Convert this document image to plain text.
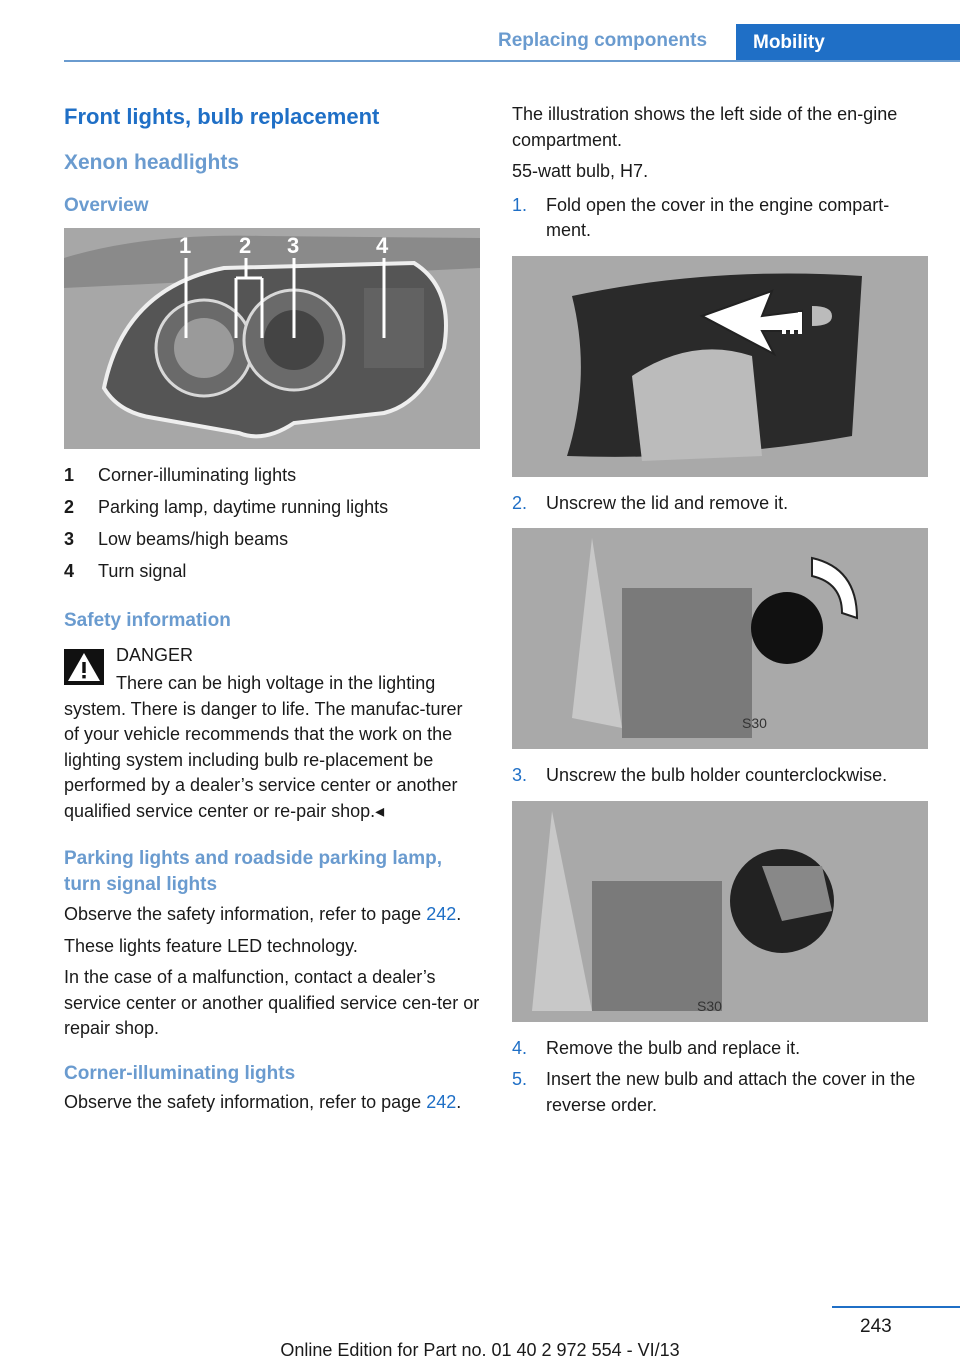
Replacing components	Mobility
Front lights, bulb replacement
Xenon headlights
Overview
1 2 3	4
1	Corner-illuminating lights
2	Parking lamp, daytime running lights
3	Low beams/high beams
4	Turn signal
Safety information
DANGER

There can be high voltage in the lighting system. There is danger to life. The manufac-turer of your vehicle recommends that the work on the lighting system including bulb re-placement be performed by a dealer’s service center or another qualified service center or re-pair shop.◂

Parking lights and roadside parking lamp, turn signal lights

Observe the safety information, refer to page 242.

These lights feature LED technology.

In the case of a malfunction, contact a dealer’s service center or another qualified service cen-ter or repair shop.

Corner-illuminating lights

Observe the safety information, refer to page 242.

The illustration shows the left side of the en-gine compartment.

55-watt bulb, H7.

1.	Fold open the cover in the engine compart-ment.
2.	Unscrew the lid and remove it.
S30
3.	Unscrew the bulb holder counterclockwise.
S30
4.	Remove the bulb and replace it.
5.	Insert the new bulb and attach the cover in the reverse order.
243
Online Edition for Part no. 01 40 2 972 554 - VI/13
